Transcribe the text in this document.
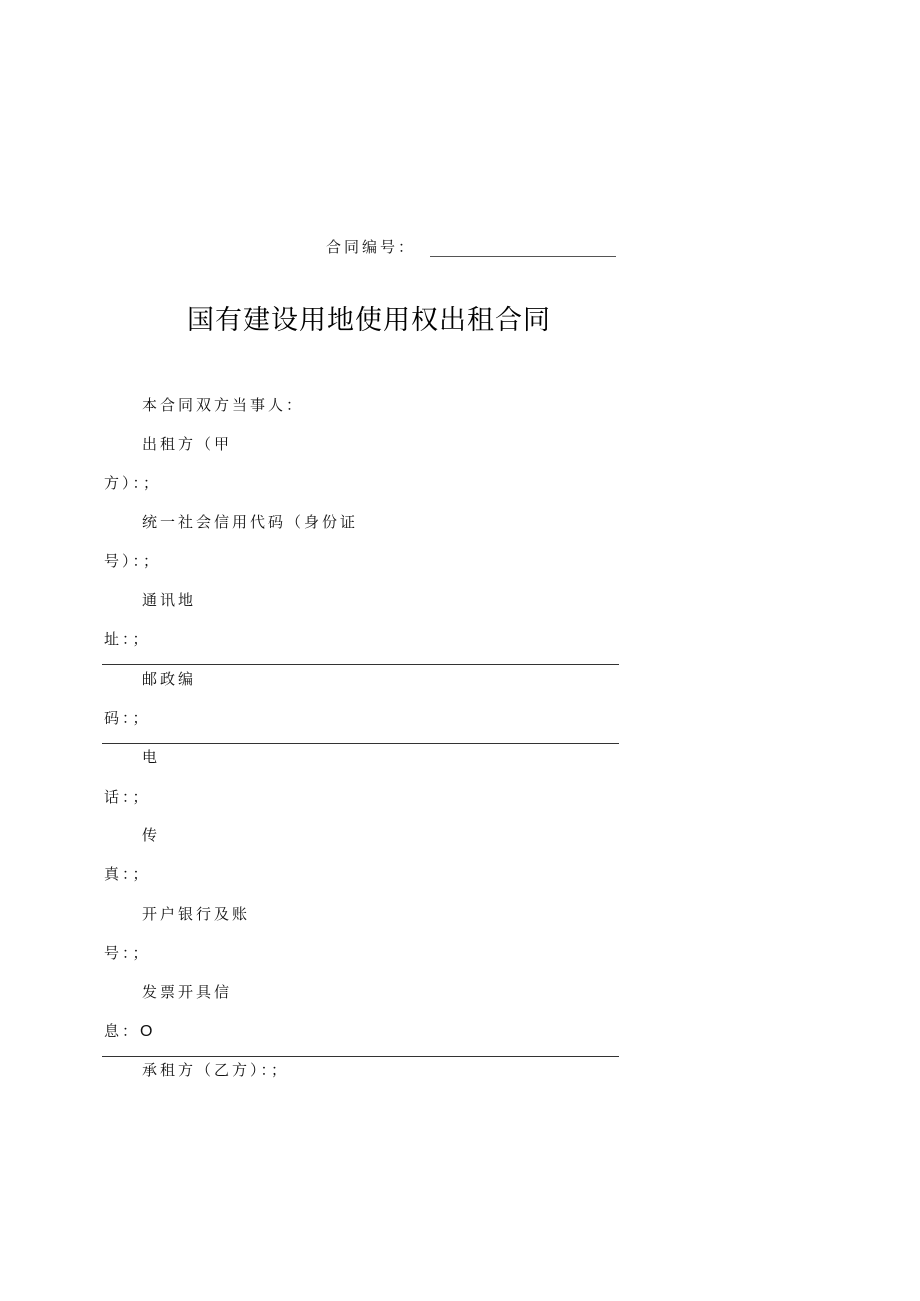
合同编号：
国有建设用地使用权出租合同
本合同双方当事人：
出租方（甲
方）：；
统一社会信用代码（身份证
号）：；
通讯地
址：；
邮政编
码：；
电
话：；
传
真：；
开户银行及账
号：；
发票开具信
息：O
承租方（乙方）：；
